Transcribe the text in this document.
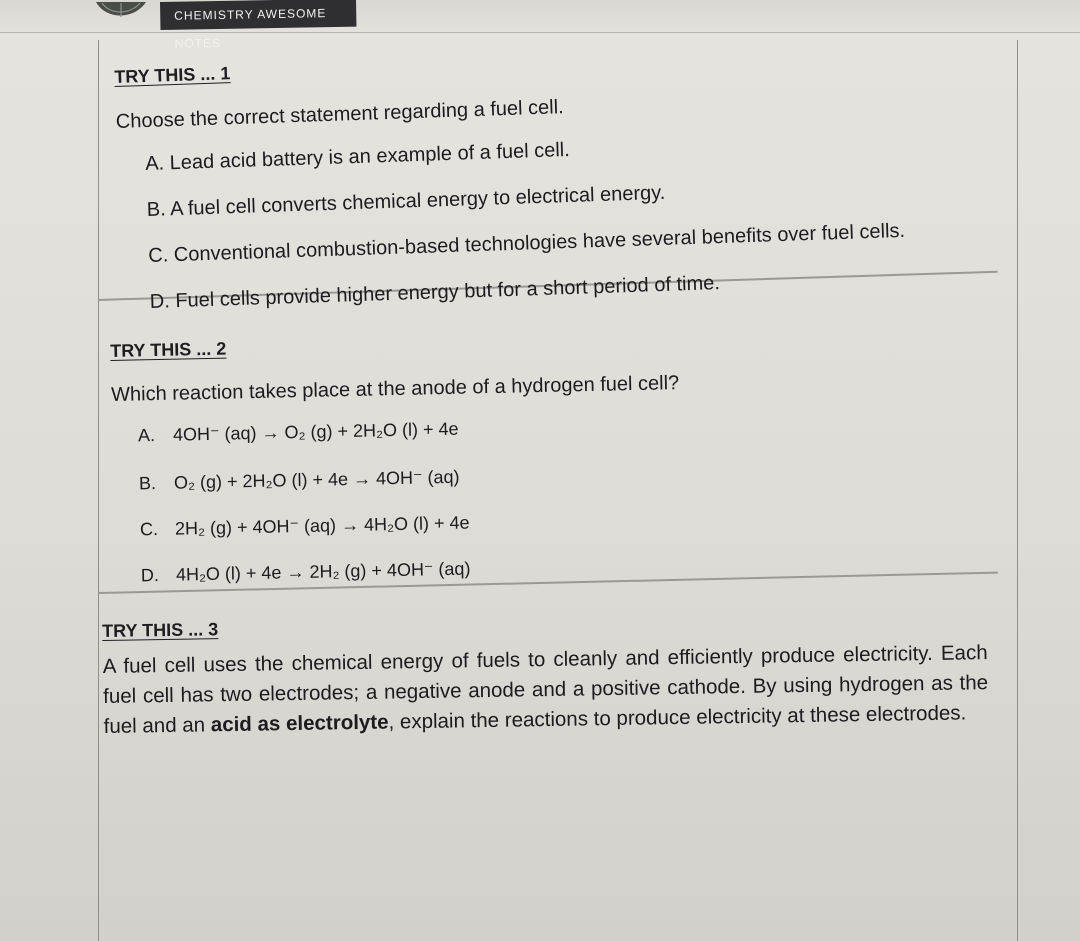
CHEMISTRY AWESOME NOTES
TRY THIS ... 1
Choose the correct statement regarding a fuel cell.
A. Lead acid battery is an example of a fuel cell.
B. A fuel cell converts chemical energy to electrical energy.
C. Conventional combustion-based technologies have several benefits over fuel cells.
D. Fuel cells provide higher energy but for a short period of time.
TRY THIS ... 2
Which reaction takes place at the anode of a hydrogen fuel cell?
A. 4OH⁻ (aq) → O₂ (g) + 2H₂O (l) + 4e
B. O₂ (g) + 2H₂O (l) + 4e → 4OH⁻ (aq)
C. 2H₂ (g) + 4OH⁻ (aq) → 4H₂O (l) + 4e
D. 4H₂O (l) + 4e → 2H₂ (g) + 4OH⁻ (aq)
TRY THIS ... 3
A fuel cell uses the chemical energy of fuels to cleanly and efficiently produce electricity. Each fuel cell has two electrodes; a negative anode and a positive cathode. By using hydrogen as the fuel and an acid as electrolyte, explain the reactions to produce electricity at these electrodes.
